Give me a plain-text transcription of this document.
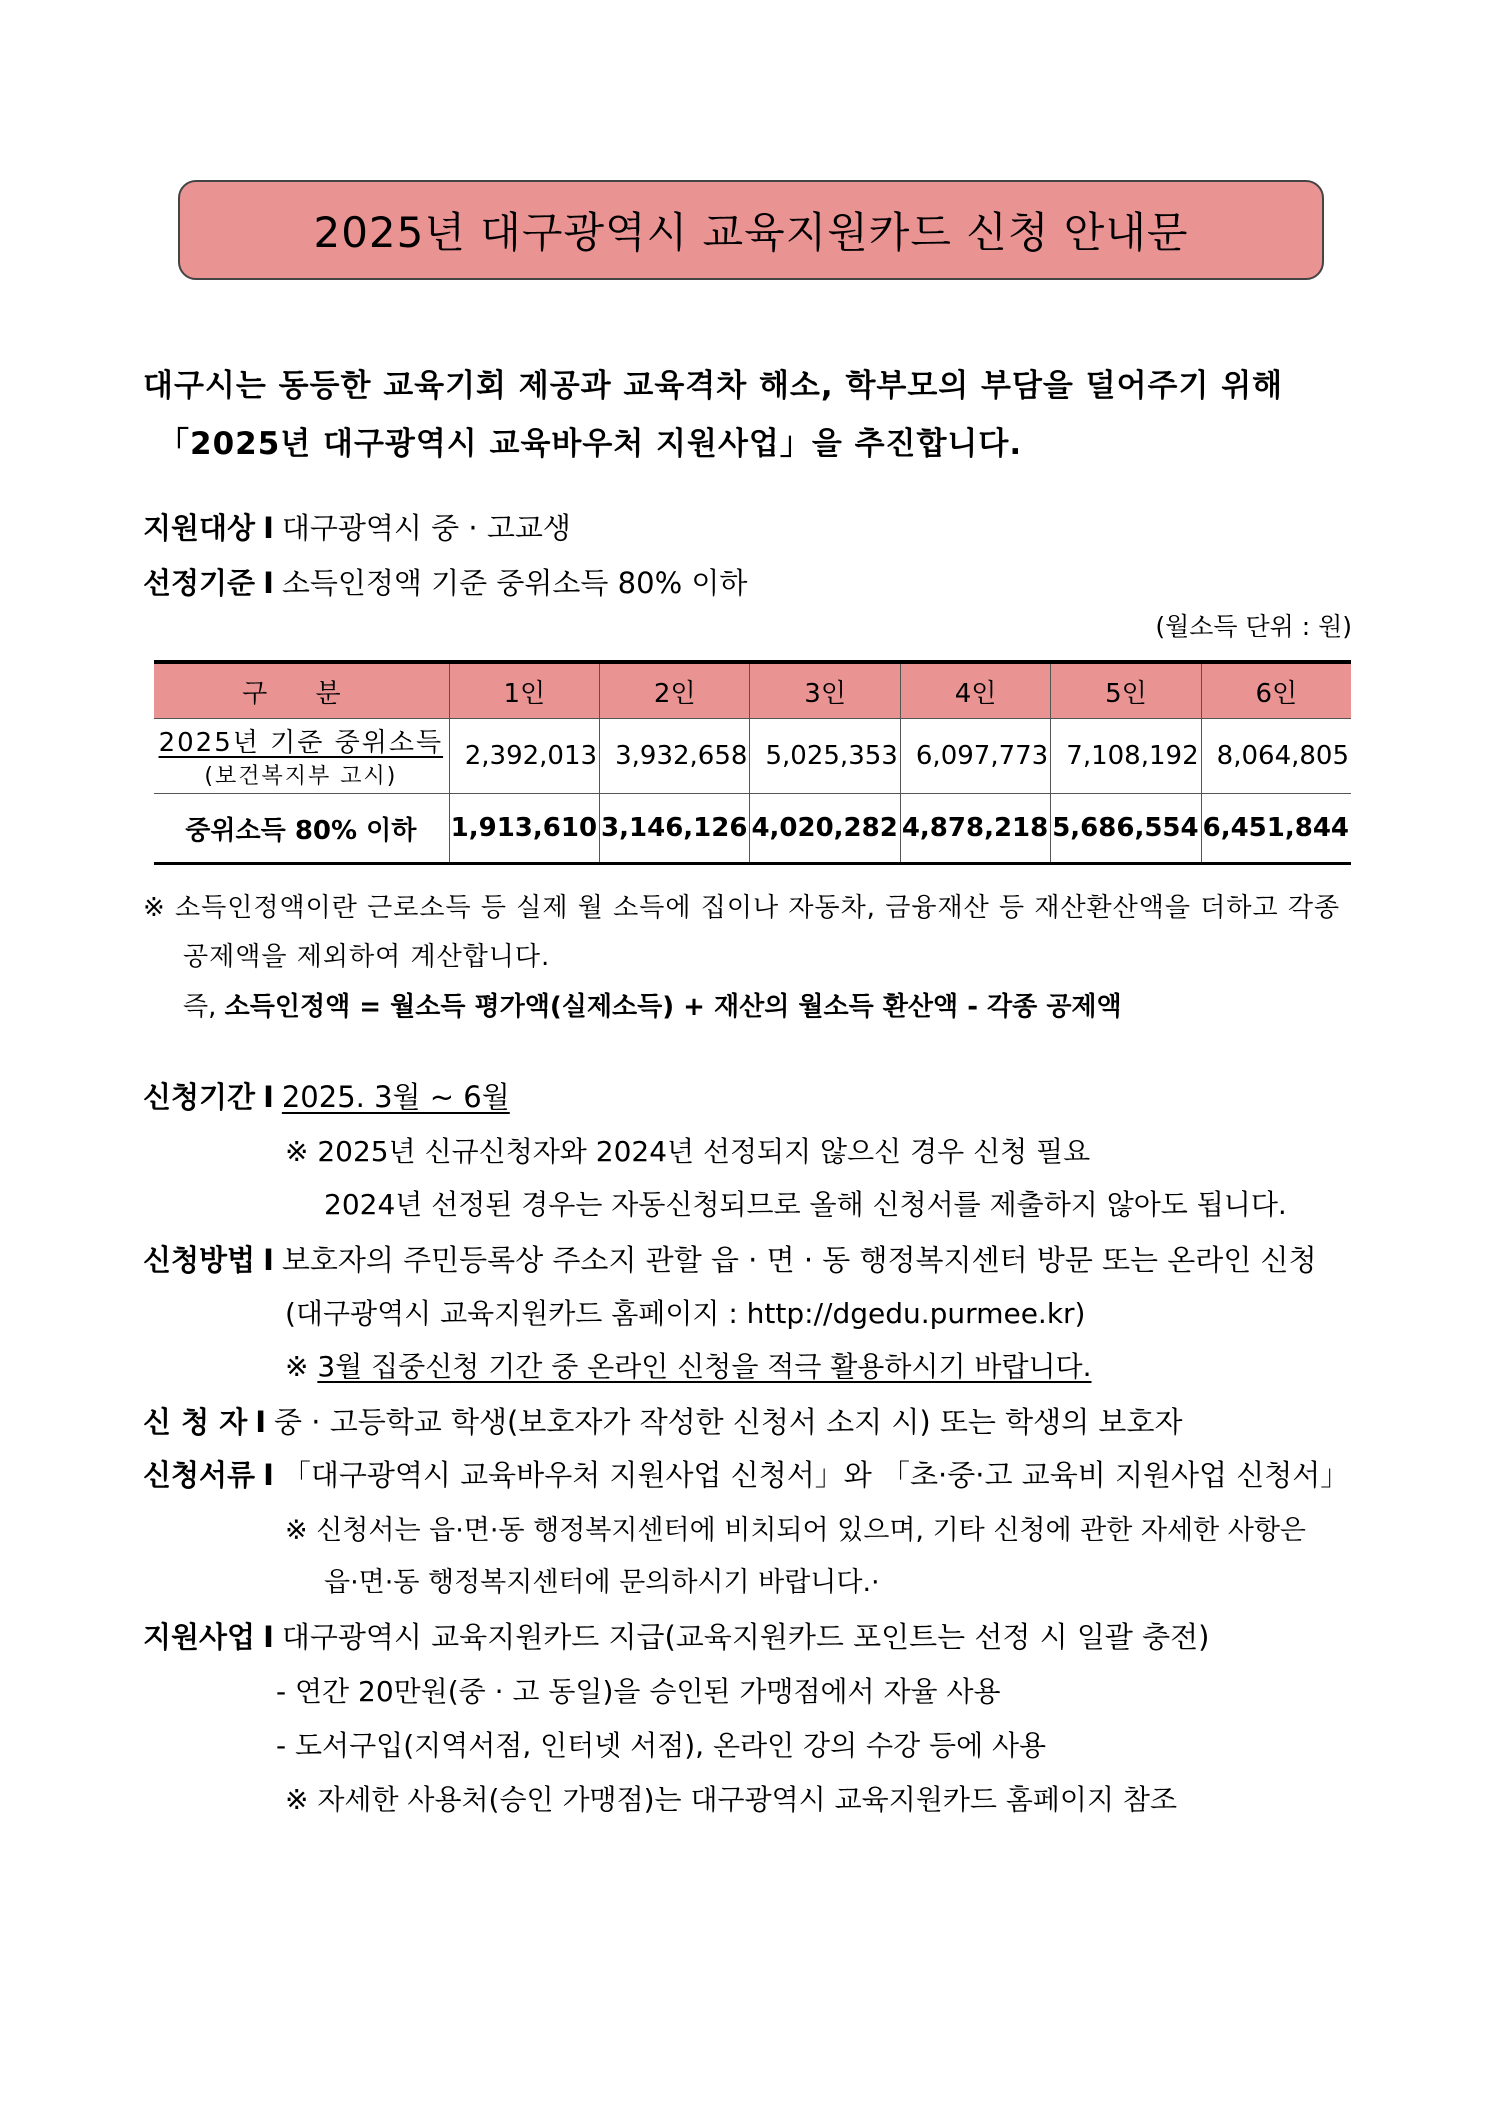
2025년 대구광역시 교육지원카드 신청 안내문
대구시는 동등한 교육기회 제공과 교육격차 해소, 학부모의 부담을 덜어주기 위해
「2025년 대구광역시 교육바우처 지원사업」을 추진합니다.
지원대상 I 대구광역시 중 · 고교생
선정기준 I 소득인정액 기준 중위소득 80% 이하
(월소득 단위 : 원)
구 분	1인	2인	3인	4인	5인	6인
2025년 기준 중위소득
(보건복지부 고시)	2,392,013	3,932,658	5,025,353	6,097,773	7,108,192	8,064,805
중위소득 80% 이하	1,913,610	3,146,126	4,020,282	4,878,218	5,686,554	6,451,844
※ 소득인정액이란 근로소득 등 실제 월 소득에 집이나 자동차, 금융재산 등 재산환산액을 더하고 각종
공제액을 제외하여 계산합니다.
즉, 소득인정액 = 월소득 평가액(실제소득) + 재산의 월소득 환산액 - 각종 공제액
신청기간 I 2025. 3월 ~ 6월
※ 2025년 신규신청자와 2024년 선정되지 않으신 경우 신청 필요
2024년 선정된 경우는 자동신청되므로 올해 신청서를 제출하지 않아도 됩니다.
신청방법 I 보호자의 주민등록상 주소지 관할 읍 · 면 · 동 행정복지센터 방문 또는 온라인 신청
(대구광역시 교육지원카드 홈페이지 : http://dgedu.purmee.kr)
※ 3월 집중신청 기간 중 온라인 신청을 적극 활용하시기 바랍니다.
신 청 자 I 중 · 고등학교 학생(보호자가 작성한 신청서 소지 시) 또는 학생의 보호자
신청서류 I 「대구광역시 교육바우처 지원사업 신청서」와 「초·중·고 교육비 지원사업 신청서」
※ 신청서는 읍·면·동 행정복지센터에 비치되어 있으며, 기타 신청에 관한 자세한 사항은
읍·면·동 행정복지센터에 문의하시기 바랍니다.·
지원사업 I 대구광역시 교육지원카드 지급(교육지원카드 포인트는 선정 시 일괄 충전)
- 연간 20만원(중 · 고 동일)을 승인된 가맹점에서 자율 사용
- 도서구입(지역서점, 인터넷 서점), 온라인 강의 수강 등에 사용
※ 자세한 사용처(승인 가맹점)는 대구광역시 교육지원카드 홈페이지 참조
